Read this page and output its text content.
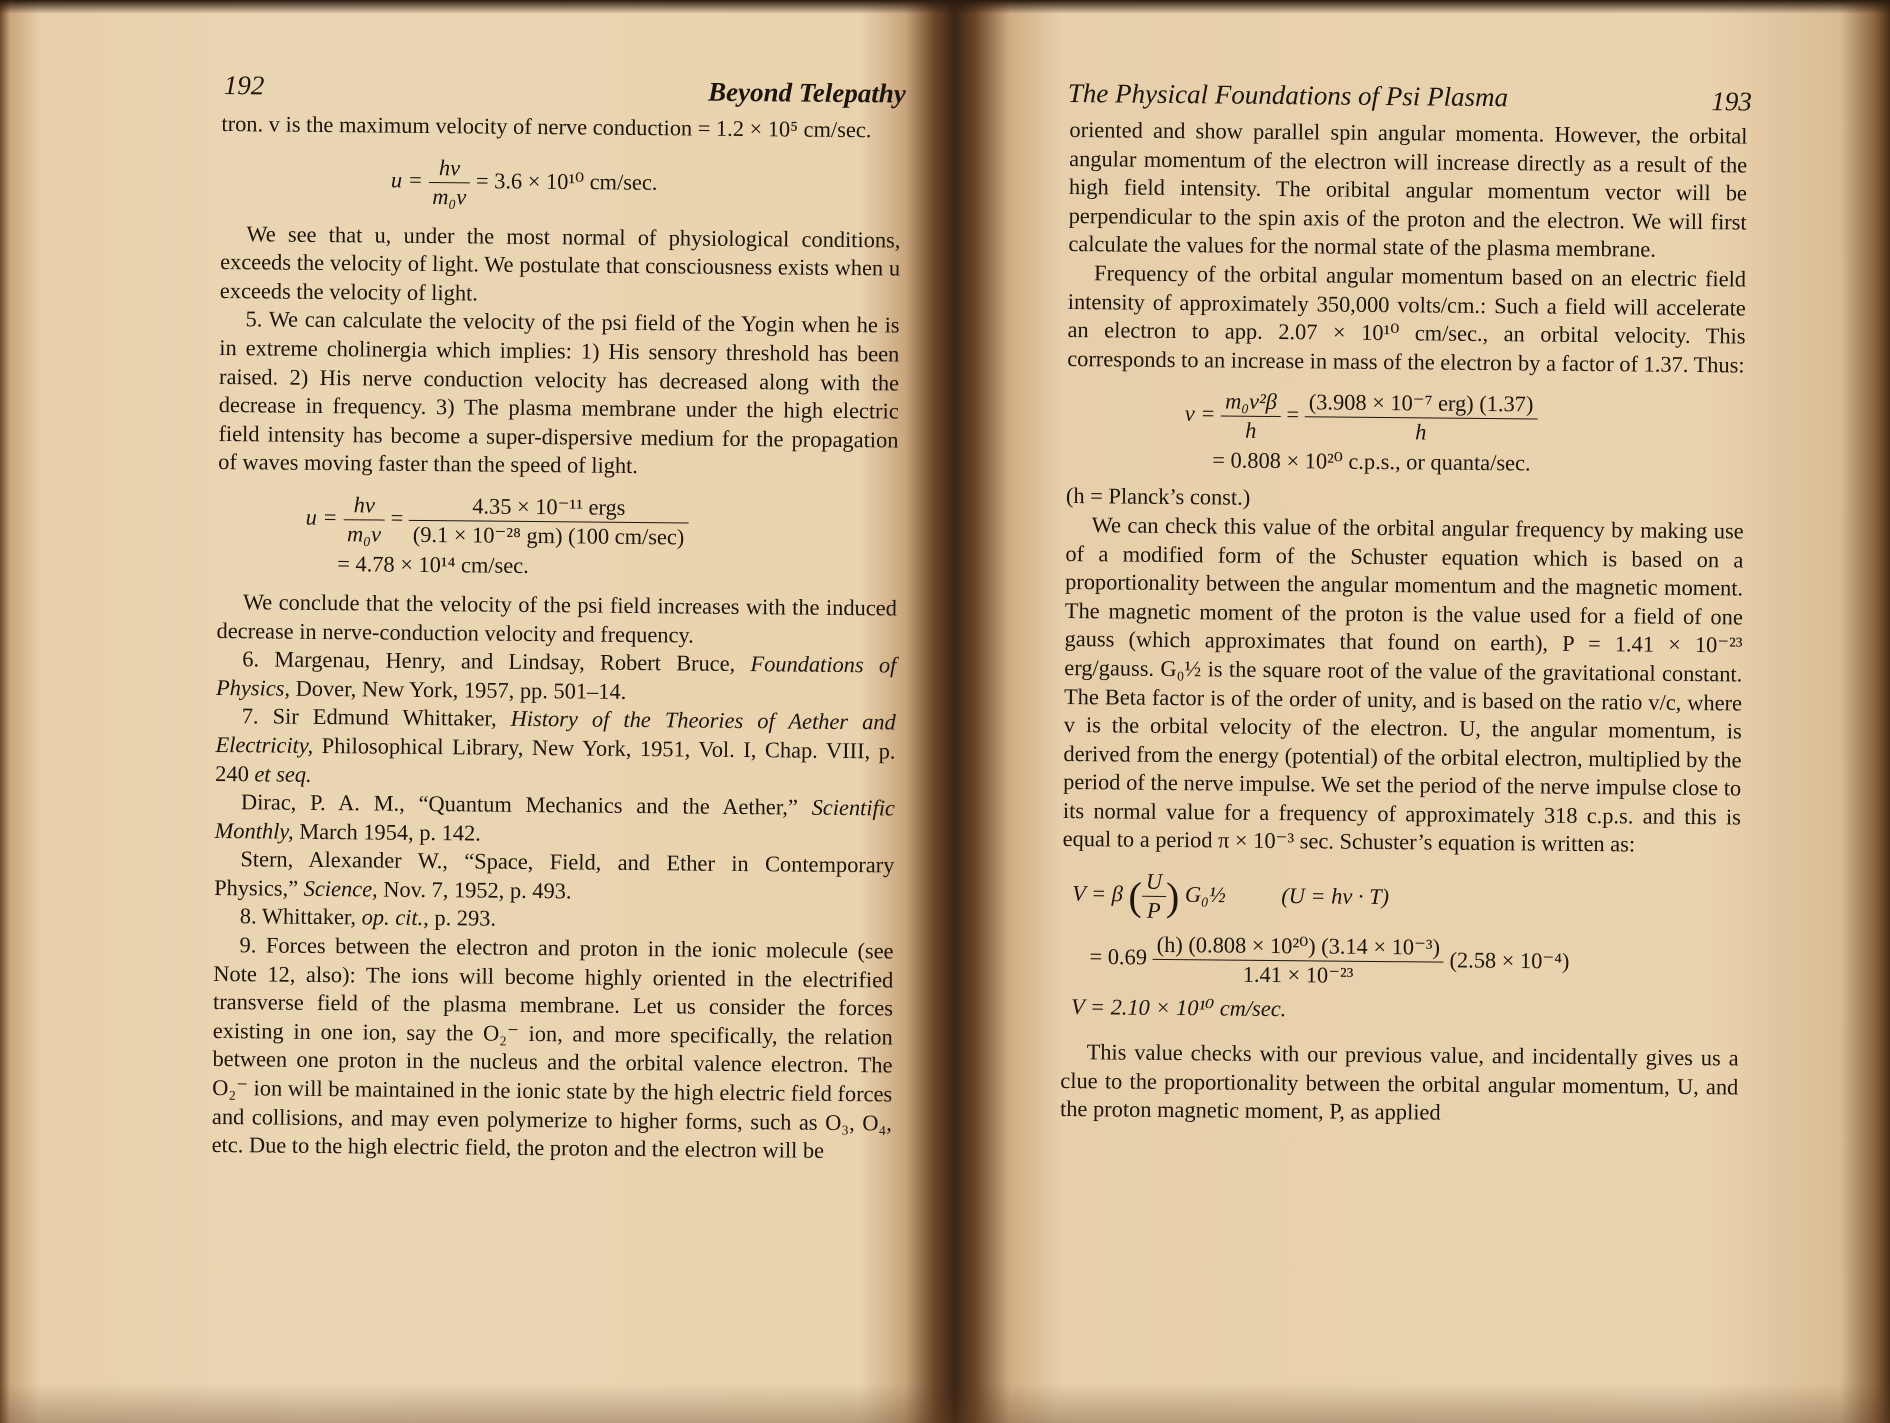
192	Beyond Telepathy

tron. v is the maximum velocity of nerve conduction = 1.2 × 10⁵ cm/sec.

$u = \frac{hv}{\text{m₀v}} = 3.6 \times 10^{10}$ cm/sec.

We see that u, under the most normal of physiological conditions, exceeds the velocity of light. We postulate that consciousness exists when u exceeds the velocity of light.

5. We can calculate the velocity of the psi field of the Yogin when he is in extreme cholinergia which implies: 1) His sensory threshold has been raised. 2) His nerve conduction velocity has decreased along with the decrease in frequency. 3) The plasma membrane under the high electric field intensity has become a super-dispersive medium for the propagation of waves moving faster than the speed of light.

$u = \frac{hv}{\text{m₀v}} = \frac{\text{4.35 × 10⁻¹¹ ergs}}{\text{(9.1 × 10⁻²⁸ gm) (100 cm/sec)}}$
= 4.78 × 10¹⁴ cm/sec.

We conclude that the velocity of the psi field increases with the induced decrease in nerve-conduction velocity and frequency.

6. Margenau, Henry, and Lindsay, Robert Bruce, Foundations of Physics, Dover, New York, 1957, pp. 501–14.

7. Sir Edmund Whittaker, History of the Theories of Aether and Electricity, Philosophical Library, New York, 1951, Vol. I, Chap. VIII, p. 240 et seq.

Dirac, P. A. M., “Quantum Mechanics and the Aether,” Scientific Monthly, March 1954, p. 142.

Stern, Alexander W., “Space, Field, and Ether in Contemporary Physics,” Science, Nov. 7, 1952, p. 493.

8. Whittaker, op. cit., p. 293.

9. Forces between the electron and proton in the ionic molecule (see Note 12, also): The ions will become highly oriented in the electrified transverse field of the plasma membrane. Let us consider the forces existing in one ion, say the O₂⁻ ion, and more specifically, the relation between one proton in the nucleus and the orbital valence electron. The O₂⁻ ion will be maintained in the ionic state by the high electric field forces and collisions, and may even polymerize to higher forms, such as O₃, O₄, etc. Due to the high electric field, the proton and the electron will be

The Physical Foundations of Psi Plasma	193

oriented and show parallel spin angular momenta. However, the orbital angular momentum of the electron will increase directly as a result of the high field intensity. The oribital angular momentum vector will be perpendicular to the spin axis of the proton and the electron. We will first calculate the values for the normal state of the plasma membrane.

Frequency of the orbital angular momentum based on an electric field intensity of approximately 350,000 volts/cm.: Such a field will accelerate an electron to app. 2.07 × 10¹⁰ cm/sec., an orbital velocity. This corresponds to an increase in mass of the electron by a factor of 1.37. Thus:

$\nu = \frac{\text{m₀v²β}}{h} = \frac{\text{(3.908 × 10⁻⁷ erg) (1.37)}}{h}$
= 0.808 × 10²⁰ c.p.s., or quanta/sec.

(h = Planck’s const.)

We can check this value of the orbital angular frequency by making use of a modified form of the Schuster equation which is based on a proportionality between the angular momentum and the magnetic moment. The magnetic moment of the proton is the value used for a field of one gauss (which approximates that found on earth), P = 1.41 × 10⁻²³ erg/gauss. G₀½ is the square root of the value of the gravitational constant. The Beta factor is of the order of unity, and is based on the ratio v/c, where v is the orbital velocity of the electron. U, the angular momentum, is derived from the energy (potential) of the orbital electron, multiplied by the period of the nerve impulse. We set the period of the nerve impulse close to its normal value for a frequency of approximately 318 c.p.s. and this is equal to a period π × 10⁻³ sec. Schuster’s equation is written as:

V = β ( $\frac{U}{P}$ ) G₀½ (U = hν · T)
= $0.69 \frac{\text{(h) (0.808 × 10²⁰) (3.14 × 10⁻³)}}{\text{1.41 × 10⁻²³}} (2.58 \times 10^{-4})$
V = 2.10 × 10¹⁰ cm/sec.

This value checks with our previous value, and incidentally gives us a clue to the proportionality between the orbital angular momentum, U, and the proton magnetic moment, P, as applied
